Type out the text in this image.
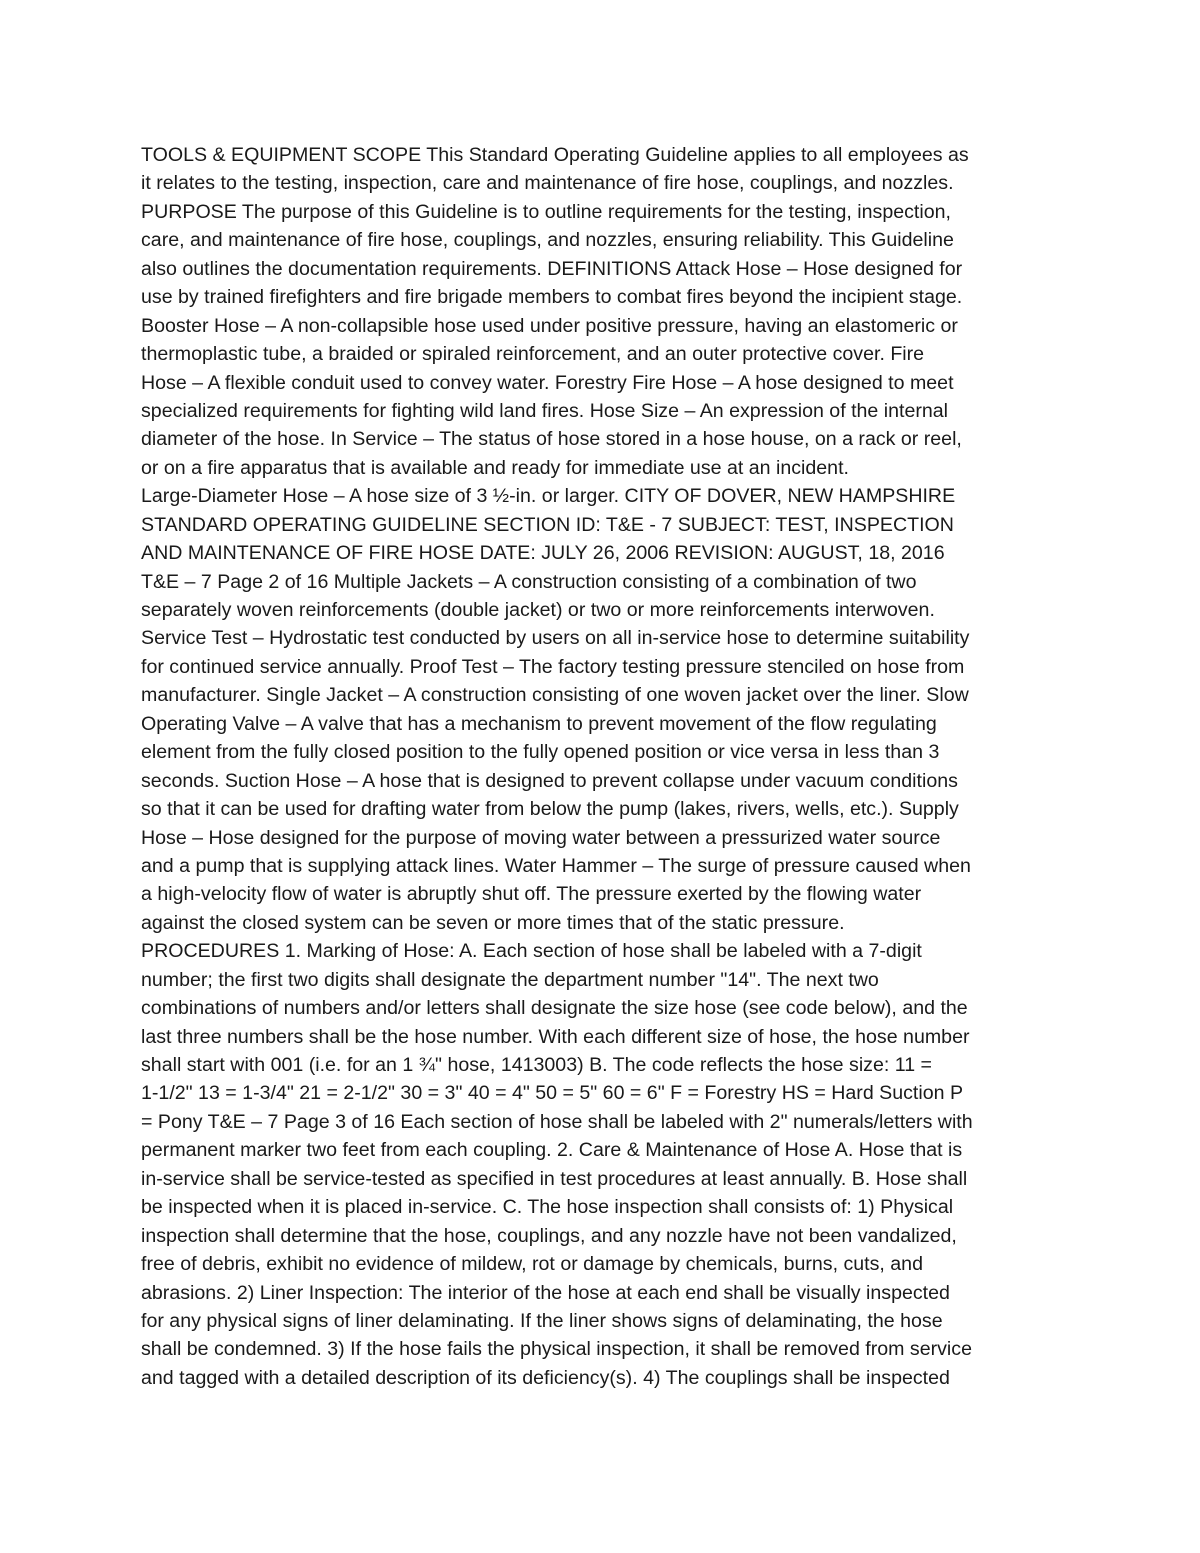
TOOLS & EQUIPMENT SCOPE This Standard Operating Guideline applies to all employees as
it relates to the testing, inspection, care and maintenance of fire hose, couplings, and nozzles.
PURPOSE The purpose of this Guideline is to outline requirements for the testing, inspection,
care, and maintenance of fire hose, couplings, and nozzles, ensuring reliability. This Guideline
also outlines the documentation requirements. DEFINITIONS Attack Hose – Hose designed for
use by trained firefighters and fire brigade members to combat fires beyond the incipient stage.
Booster Hose – A non-collapsible hose used under positive pressure, having an elastomeric or
thermoplastic tube, a braided or spiraled reinforcement, and an outer protective cover. Fire
Hose – A flexible conduit used to convey water. Forestry Fire Hose – A hose designed to meet
specialized requirements for fighting wild land fires. Hose Size – An expression of the internal
diameter of the hose. In Service – The status of hose stored in a hose house, on a rack or reel,
or on a fire apparatus that is available and ready for immediate use at an incident.
Large-Diameter Hose – A hose size of 3 ½-in. or larger. CITY OF DOVER, NEW HAMPSHIRE
STANDARD OPERATING GUIDELINE SECTION ID: T&E - 7 SUBJECT: TEST, INSPECTION
AND MAINTENANCE OF FIRE HOSE DATE: JULY 26, 2006 REVISION: AUGUST, 18, 2016
T&E – 7 Page 2 of 16 Multiple Jackets – A construction consisting of a combination of two
separately woven reinforcements (double jacket) or two or more reinforcements interwoven.
Service Test – Hydrostatic test conducted by users on all in-service hose to determine suitability
for continued service annually. Proof Test – The factory testing pressure stenciled on hose from
manufacturer. Single Jacket – A construction consisting of one woven jacket over the liner. Slow
Operating Valve – A valve that has a mechanism to prevent movement of the flow regulating
element from the fully closed position to the fully opened position or vice versa in less than 3
seconds. Suction Hose – A hose that is designed to prevent collapse under vacuum conditions
so that it can be used for drafting water from below the pump (lakes, rivers, wells, etc.). Supply
Hose – Hose designed for the purpose of moving water between a pressurized water source
and a pump that is supplying attack lines. Water Hammer – The surge of pressure caused when
a high-velocity flow of water is abruptly shut off. The pressure exerted by the flowing water
against the closed system can be seven or more times that of the static pressure.
PROCEDURES 1. Marking of Hose: A. Each section of hose shall be labeled with a 7-digit
number; the first two digits shall designate the department number "14". The next two
combinations of numbers and/or letters shall designate the size hose (see code below), and the
last three numbers shall be the hose number. With each different size of hose, the hose number
shall start with 001 (i.e. for an 1 ¾" hose, 1413003) B. The code reflects the hose size: 11 =
1-1/2" 13 = 1-3/4" 21 = 2-1/2" 30 = 3" 40 = 4" 50 = 5" 60 = 6" F = Forestry HS = Hard Suction P
= Pony T&E – 7 Page 3 of 16 Each section of hose shall be labeled with 2" numerals/letters with
permanent marker two feet from each coupling. 2. Care & Maintenance of Hose A. Hose that is
in-service shall be service-tested as specified in test procedures at least annually. B. Hose shall
be inspected when it is placed in-service. C. The hose inspection shall consists of: 1) Physical
inspection shall determine that the hose, couplings, and any nozzle have not been vandalized,
free of debris, exhibit no evidence of mildew, rot or damage by chemicals, burns, cuts, and
abrasions. 2) Liner Inspection: The interior of the hose at each end shall be visually inspected
for any physical signs of liner delaminating. If the liner shows signs of delaminating, the hose
shall be condemned. 3) If the hose fails the physical inspection, it shall be removed from service
and tagged with a detailed description of its deficiency(s). 4) The couplings shall be inspected
